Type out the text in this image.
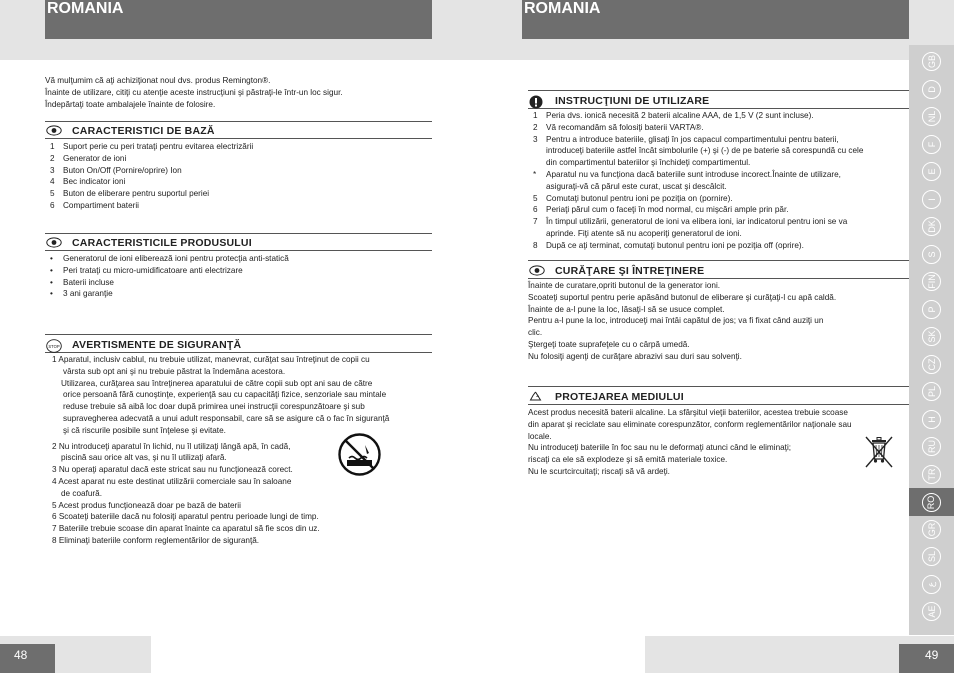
ROMANIA	ROMANIA
Vă mulţumim că aţi achiziţionat noul dvs. produs Remington®.
Înainte de utilizare, citiţi cu atenţie aceste instrucţiuni şi păstraţi-le într-un loc sigur.
Îndepărtaţi toate ambalajele înainte de folosire.
CARACTERISTICI DE BAZĂ
CARACTERISTICILE PRODUSULUI
STOP AVERTISMENTE DE SIGURANŢĂ
INSTRUCŢIUNI DE UTILIZARE
CURĂŢARE ŞI ÎNTREŢINERE
PROTEJAREA MEDIULUI
GB
D
NL
F
E
I
DK
S
FIN
P
SK
CZ
PL
H
RU
TR
RO
GR
SL
ع
AE
48	49
1	Suport perie cu peri trataţi pentru evitarea electrizării
2	Generator de ioni
3	Buton On/Off (Pornire/oprire) Ion
4	Bec indicator ioni
5	Buton de eliberare pentru suportul periei
6	Compartiment baterii
• Generatorul de ioni eliberează ioni pentru protecţia anti-statică
• Peri trataţi cu micro-umidificatoare anti electrizare
• Baterii incluse
• 3 ani garanţie
1 Aparatul, inclusiv cablul, nu trebuie utilizat, manevrat, curăţat sau întreţinut de copii cu
vârsta sub opt ani şi nu trebuie păstrat la îndemâna acestora.
Utilizarea, curăţarea sau întreţinerea aparatului de către copii sub opt ani sau de către
orice persoană fără cunoştinţe, experienţă sau cu capacităţi fizice, senzoriale sau mintale
reduse trebuie să aibă loc doar după primirea unei instrucţii corespunzătoare şi sub
supravegherea adecvată a unui adult responsabil, care să se asigure că o fac în siguranţă
şi că riscurile posibile sunt înţelese şi evitate.
2 Nu introduceţi aparatul în lichid, nu îl utilizaţi lângă apă, în cadă,
piscină sau orice alt vas, şi nu îl utilizaţi afară.
3 Nu operaţi aparatul dacă este stricat sau nu funcţionează corect.
4 Acest aparat nu este destinat utilizării comerciale sau în saloane
de coafură.
5 Acest produs funcţionează doar pe bază de baterii
6 Scoateţi bateriile dacă nu folosiţi aparatul pentru perioade lungi de timp.
7 Bateriile trebuie scoase din aparat înainte ca aparatul să fie scos din uz.
8 Eliminaţi bateriile conform reglementărilor de siguranţă.
1 Peria dvs. ionică necesită 2 baterii alcaline AAA, de 1,5 V (2 sunt incluse).
2 Vă recomandăm să folosiţi baterii VARTA®.
3 Pentru a introduce bateriile, glisaţi în jos capacul compartimentului pentru baterii,
introduceţi bateriile astfel încât simbolurile (+) şi (-) de pe baterie să corespundă cu cele
din compartimentul bateriilor şi închideţi compartimentul.
* Aparatul nu va funcţiona dacă bateriile sunt introduse incorect.Înainte de utilizare,
asiguraţi-vă că părul este curat, uscat şi descâlcit.
5 Comutaţi butonul pentru ioni pe poziţia on (pornire).
6 Periaţi părul cum o faceţi în mod normal, cu mişcări ample prin păr.
7 În timpul utilizării, generatorul de ioni va elibera ioni, iar indicatorul pentru ioni se va
aprinde. Fiţi atente să nu acoperiţi generatorul de ioni.
8 După ce aţi terminat, comutaţi butonul pentru ioni pe poziţia off (oprire).
Înainte de curatare,opriti butonul de la generator ioni.
Scoateţi suportul pentru perie apăsând butonul de eliberare şi curăţaţi-l cu apă caldă.
Înainte de a-l pune la loc, lăsaţi-l să se usuce complet.
Pentru a-l pune la loc, introduceţi mai întâi capătul de jos; va fi fixat când auziţi un
clic.
Ştergeţi toate suprafeţele cu o cârpă umedă.
Nu folosiţi agenţi de curăţare abrazivi sau duri sau solvenţi.
Acest produs necesită baterii alcaline. La sfârşitul vieţii bateriilor, acestea trebuie scoase
din aparat şi reciclate sau eliminate corespunzător, conform reglementărilor naţionale sau
locale.
Nu introduceţi bateriile în foc sau nu le deformaţi atunci când le eliminaţi;
riscaţi ca ele să explodeze şi să emită materiale toxice.
Nu le scurtcircuitaţi; riscaţi să vă ardeţi.
